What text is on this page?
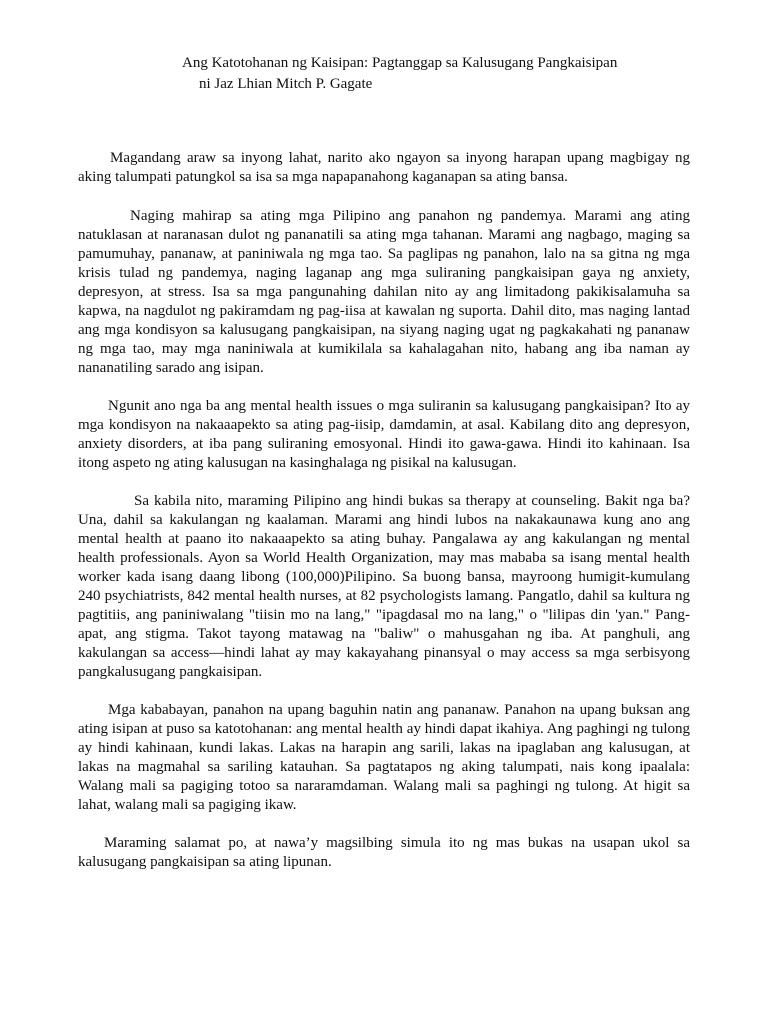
Ang Katotohanan ng Kaisipan: Pagtanggap sa Kalusugang Pangkaisipan
ni Jaz Lhian Mitch P. Gagate

Magandang araw sa inyong lahat, narito ako ngayon sa inyong harapan upang magbigay ng aking talumpati patungkol sa isa sa mga napapanahong kaganapan sa ating bansa.

Naging mahirap sa ating mga Pilipino ang panahon ng pandemya. Marami ang ating natuklasan at naranasan dulot ng pananatili sa ating mga tahanan. Marami ang nagbago, maging sa pamumuhay, pananaw, at paniniwala ng mga tao. Sa paglipas ng panahon, lalo na sa gitna ng mga krisis tulad ng pandemya, naging laganap ang mga suliraning pangkaisipan gaya ng anxiety, depresyon, at stress. Isa sa mga pangunahing dahilan nito ay ang limitadong pakikisalamuha sa kapwa, na nagdulot ng pakiramdam ng pag-iisa at kawalan ng suporta. Dahil dito, mas naging lantad ang mga kondisyon sa kalusugang pangkaisipan, na siyang naging ugat ng pagkakahati ng pananaw ng mga tao, may mga naniniwala at kumikilala sa kahalagahan nito, habang ang iba naman ay nananatiling sarado ang isipan.

Ngunit ano nga ba ang mental health issues o mga suliranin sa kalusugang pangkaisipan? Ito ay mga kondisyon na nakaaapekto sa ating pag-iisip, damdamin, at asal. Kabilang dito ang depresyon, anxiety disorders, at iba pang suliraning emosyonal. Hindi ito gawa-gawa. Hindi ito kahinaan. Isa itong aspeto ng ating kalusugan na kasinghalaga ng pisikal na kalusugan.

Sa kabila nito, maraming Pilipino ang hindi bukas sa therapy at counseling. Bakit nga ba? Una, dahil sa kakulangan ng kaalaman. Marami ang hindi lubos na nakakaunawa kung ano ang mental health at paano ito nakaaapekto sa ating buhay. Pangalawa ay ang kakulangan ng mental health professionals. Ayon sa World Health Organization, may mas mababa sa isang mental health worker kada isang daang libong (100,000)Pilipino. Sa buong bansa, mayroong humigit-kumulang 240 psychiatrists, 842 mental health nurses, at 82 psychologists lamang. Pangatlo, dahil sa kultura ng pagtitiis, ang paniniwalang "tiisin mo na lang," "ipagdasal mo na lang," o "lilipas din 'yan." Pang-apat, ang stigma. Takot tayong matawag na "baliw" o mahusgahan ng iba. At panghuli, ang kakulangan sa access—hindi lahat ay may kakayahang pinansyal o may access sa mga serbisyong pangkalusugang pangkaisipan.

Mga kababayan, panahon na upang baguhin natin ang pananaw. Panahon na upang buksan ang ating isipan at puso sa katotohanan: ang mental health ay hindi dapat ikahiya. Ang paghingi ng tulong ay hindi kahinaan, kundi lakas. Lakas na harapin ang sarili, lakas na ipaglaban ang kalusugan, at lakas na magmahal sa sariling katauhan. Sa pagtatapos ng aking talumpati, nais kong ipaalala: Walang mali sa pagiging totoo sa nararamdaman. Walang mali sa paghingi ng tulong. At higit sa lahat, walang mali sa pagiging ikaw.

Maraming salamat po, at nawa’y magsilbing simula ito ng mas bukas na usapan ukol sa kalusugang pangkaisipan sa ating lipunan.
